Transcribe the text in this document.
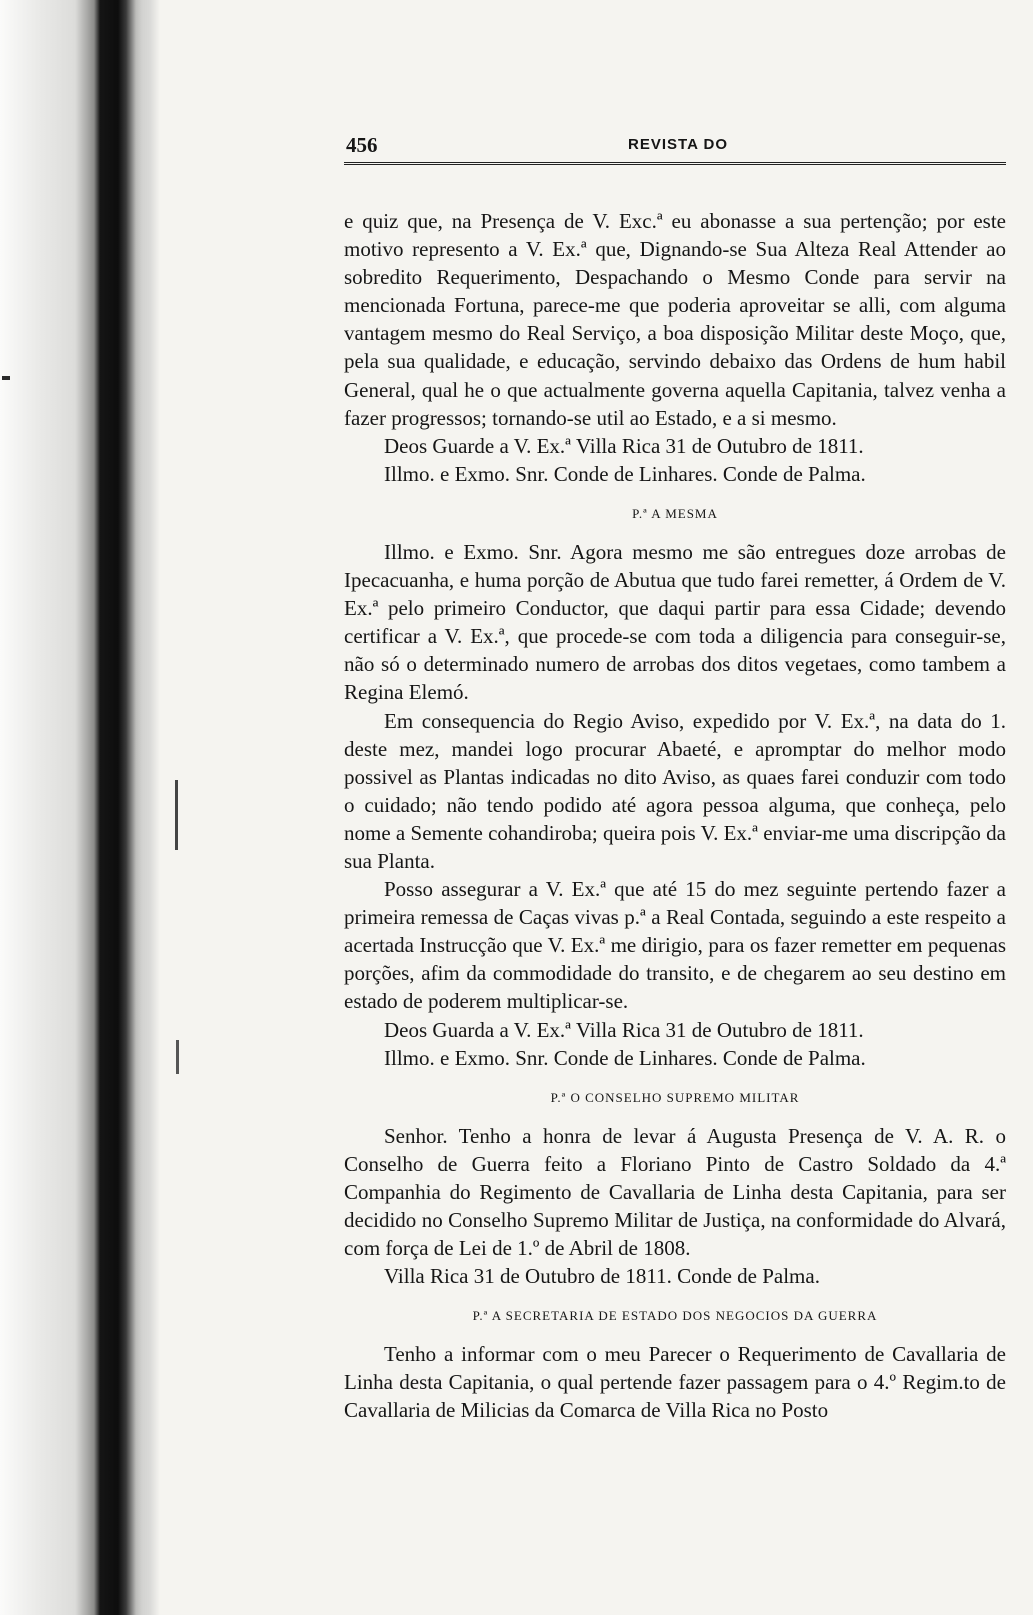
456	REVISTA DO

e quiz que, na Presença de V. Exc.ª eu abonasse a sua pertenção; por este motivo represento a V. Ex.ª que, Dignando-se Sua Alteza Real Attender ao sobredito Requerimento, Despachando o Mesmo Conde para servir na mencionada Fortuna, parece-me que poderia aproveitar se alli, com alguma vantagem mesmo do Real Serviço, a boa disposição Militar deste Moço, que, pela sua qualidade, e educação, servindo debaixo das Ordens de hum habil General, qual he o que actualmente governa aquella Capitania, talvez venha a fazer progressos; tornando-se util ao Estado, e a si mesmo.

Deos Guarde a V. Ex.ª Villa Rica 31 de Outubro de 1811.

Illmo. e Exmo. Snr. Conde de Linhares. Conde de Palma.

P.ª A MESMA

Illmo. e Exmo. Snr. Agora mesmo me são entregues doze arrobas de Ipecacuanha, e huma porção de Abutua que tudo farei remetter, á Ordem de V. Ex.ª pelo primeiro Conductor, que daqui partir para essa Cidade; devendo certificar a V. Ex.ª, que procede-se com toda a diligencia para conseguir-se, não só o determinado numero de arrobas dos ditos vegetaes, como tambem a Regina Elemó.

Em consequencia do Regio Aviso, expedido por V. Ex.ª, na data do 1. deste mez, mandei logo procurar Abaeté, e apromptar do melhor modo possivel as Plantas indicadas no dito Aviso, as quaes farei conduzir com todo o cuidado; não tendo podido até agora pessoa alguma, que conheça, pelo nome a Semente cohandiroba; queira pois V. Ex.ª enviar-me uma discripção da sua Planta.

Posso assegurar a V. Ex.ª que até 15 do mez seguinte pertendo fazer a primeira remessa de Caças vivas p.ª a Real Contada, seguindo a este respeito a acertada Instrucção que V. Ex.ª me dirigio, para os fazer remetter em pequenas porções, afim da commodidade do transito, e de chegarem ao seu destino em estado de poderem multiplicar-se.

Deos Guarda a V. Ex.ª Villa Rica 31 de Outubro de 1811.

Illmo. e Exmo. Snr. Conde de Linhares. Conde de Palma.

P.ª O CONSELHO SUPREMO MILITAR

Senhor. Tenho a honra de levar á Augusta Presença de V. A. R. o Conselho de Guerra feito a Floriano Pinto de Castro Soldado da 4.ª Companhia do Regimento de Cavallaria de Linha desta Capitania, para ser decidido no Conselho Supremo Militar de Justiça, na conformidade do Alvará, com força de Lei de 1.º de Abril de 1808.

Villa Rica 31 de Outubro de 1811. Conde de Palma.

P.ª A SECRETARIA DE ESTADO DOS NEGOCIOS DA GUERRA

Tenho a informar com o meu Parecer o Requerimento de Cavallaria de Linha desta Capitania, o qual pertende fazer passagem para o 4.º Regim.to de Cavallaria de Milicias da Comarca de Villa Rica no Posto
